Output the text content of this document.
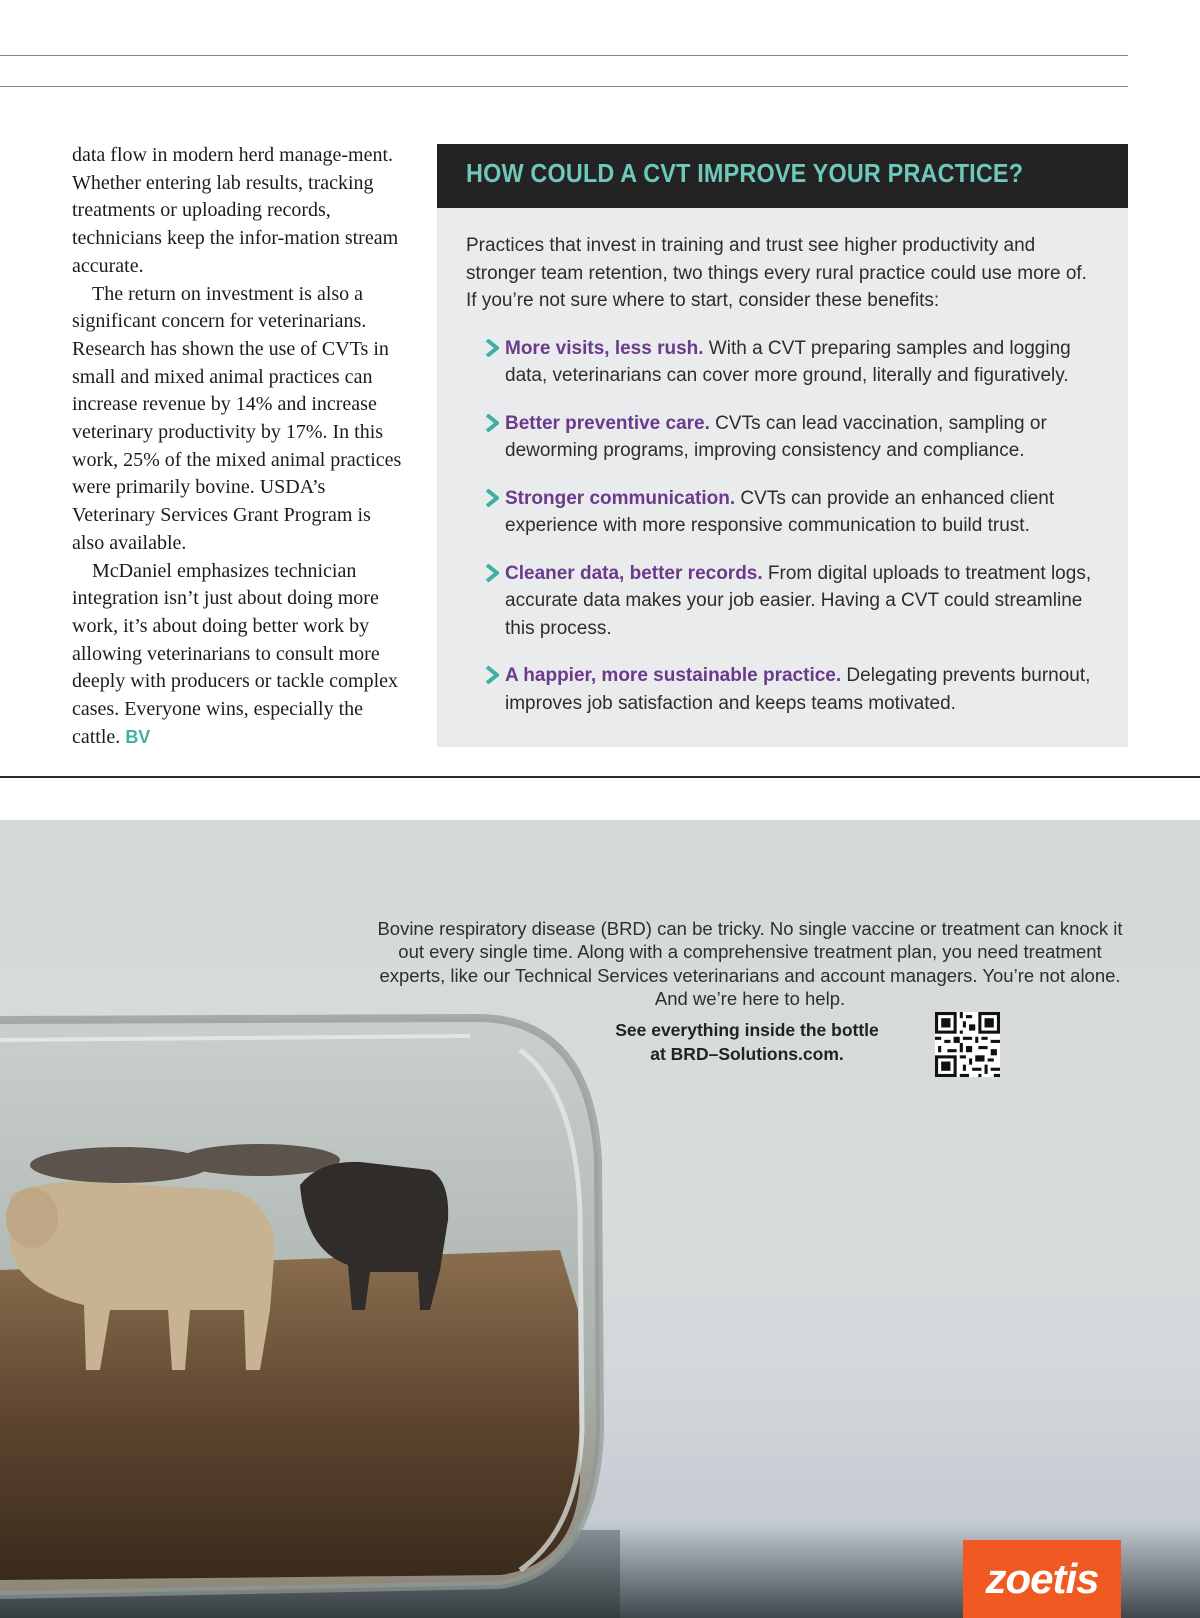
data flow in modern herd manage-ment. Whether entering lab results, tracking treatments or uploading records, technicians keep the infor-mation stream accurate.

The return on investment is also a significant concern for veterinarians. Research has shown the use of CVTs in small and mixed animal practices can increase revenue by 14% and increase veterinary productivity by 17%. In this work, 25% of the mixed animal practices were primarily bovine. USDA’s Veterinary Services Grant Program is also available.

McDaniel emphasizes technician integration isn’t just about doing more work, it’s about doing better work by allowing veterinarians to consult more deeply with producers or tackle complex cases. Everyone wins, especially the cattle. BV

HOW COULD A CVT IMPROVE YOUR PRACTICE?

Practices that invest in training and trust see higher productivity and stronger team retention, two things every rural practice could use more of. If you’re not sure where to start, consider these benefits:

More visits, less rush. With a CVT preparing samples and logging data, veterinarians can cover more ground, literally and figuratively.
Better preventive care. CVTs can lead vaccination, sampling or deworming programs, improving consistency and compliance.
Stronger communication. CVTs can provide an enhanced client experience with more responsive communication to build trust.
Cleaner data, better records. From digital uploads to treatment logs, accurate data makes your job easier. Having a CVT could streamline this process.
A happier, more sustainable practice. Delegating prevents burnout, improves job satisfaction and keeps teams motivated.

Bovine respiratory disease (BRD) can be tricky. No single vaccine or treatment can knock it out every single time. Along with a comprehensive treatment plan, you need treatment experts, like our Technical Services veterinarians and account managers. You’re not alone. And we’re here to help.

See everything inside the bottle
at BRD–Solutions.com.
zoetis
